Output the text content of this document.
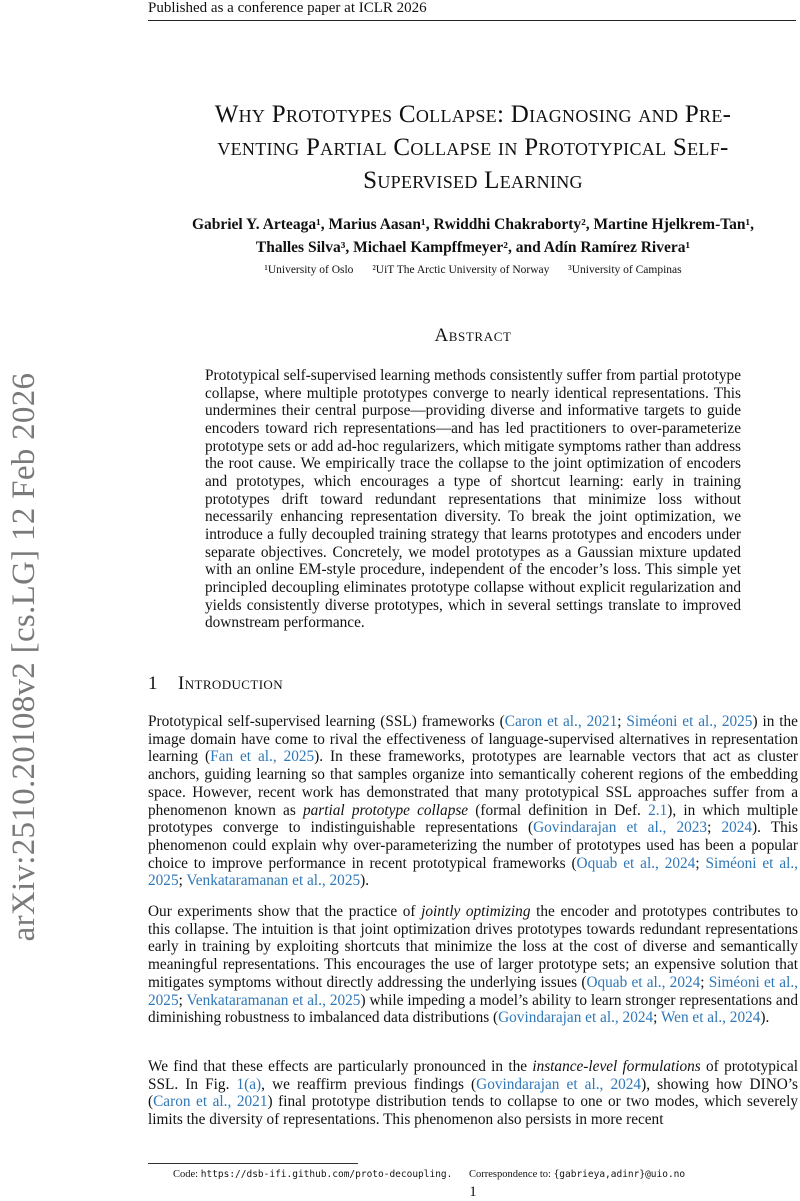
Published as a conference paper at ICLR 2026
arXiv:2510.20108v2 [cs.LG] 12 Feb 2026
Why Prototypes Collapse: Diagnosing and Pre-
venting Partial Collapse in Prototypical Self-
Supervised Learning
Gabriel Y. Arteaga¹, Marius Aasan¹, Rwiddhi Chakraborty², Martine Hjelkrem-Tan¹,
Thalles Silva³, Michael Kampffmeyer², and Adín Ramírez Rivera¹
¹University of Oslo ²UiT The Arctic University of Norway ³University of Campinas
Abstract
Prototypical self-supervised learning methods consistently suffer from partial prototype collapse, where multiple prototypes converge to nearly identical representations. This undermines their central purpose—providing diverse and informative targets to guide encoders toward rich representations—and has led practitioners to over-parameterize prototype sets or add ad-hoc regularizers, which mitigate symptoms rather than address the root cause. We empirically trace the collapse to the joint optimization of encoders and prototypes, which encourages a type of shortcut learning: early in training prototypes drift toward redundant representations that minimize loss without necessarily enhancing representation diversity. To break the joint optimization, we introduce a fully decoupled training strategy that learns prototypes and encoders under separate objectives. Concretely, we model prototypes as a Gaussian mixture updated with an online EM-style procedure, independent of the encoder’s loss. This simple yet principled decoupling eliminates prototype collapse without explicit regularization and yields consistently diverse prototypes, which in several settings translate to improved downstream performance.
1 Introduction
Prototypical self-supervised learning (SSL) frameworks (Caron et al., 2021; Siméoni et al., 2025) in the image domain have come to rival the effectiveness of language-supervised alternatives in representation learning (Fan et al., 2025). In these frameworks, prototypes are learnable vectors that act as cluster anchors, guiding learning so that samples organize into semantically coherent regions of the embedding space. However, recent work has demonstrated that many prototypical SSL approaches suffer from a phenomenon known as partial prototype collapse (formal definition in Def. 2.1), in which multiple prototypes converge to indistinguishable representations (Govindarajan et al., 2023; 2024). This phenomenon could explain why over-parameterizing the number of prototypes used has been a popular choice to improve performance in recent prototypical frameworks (Oquab et al., 2024; Siméoni et al., 2025; Venkataramanan et al., 2025).
Our experiments show that the practice of jointly optimizing the encoder and prototypes contributes to this collapse. The intuition is that joint optimization drives prototypes towards redundant representations early in training by exploiting shortcuts that minimize the loss at the cost of diverse and semantically meaningful representations. This encourages the use of larger prototype sets; an expensive solution that mitigates symptoms without directly addressing the underlying issues (Oquab et al., 2024; Siméoni et al., 2025; Venkataramanan et al., 2025) while impeding a model’s ability to learn stronger representations and diminishing robustness to imbalanced data distributions (Govindarajan et al., 2024; Wen et al., 2024).
We find that these effects are particularly pronounced in the instance-level formulations of prototypical SSL. In Fig. 1(a), we reaffirm previous findings (Govindarajan et al., 2024), showing how DINO’s (Caron et al., 2021) final prototype distribution tends to collapse to one or two modes, which severely limits the diversity of representations. This phenomenon also persists in more recent
Code: https://dsb-ifi.github.com/proto-decoupling. Correspondence to: {gabrieya,adinr}@uio.no
1
